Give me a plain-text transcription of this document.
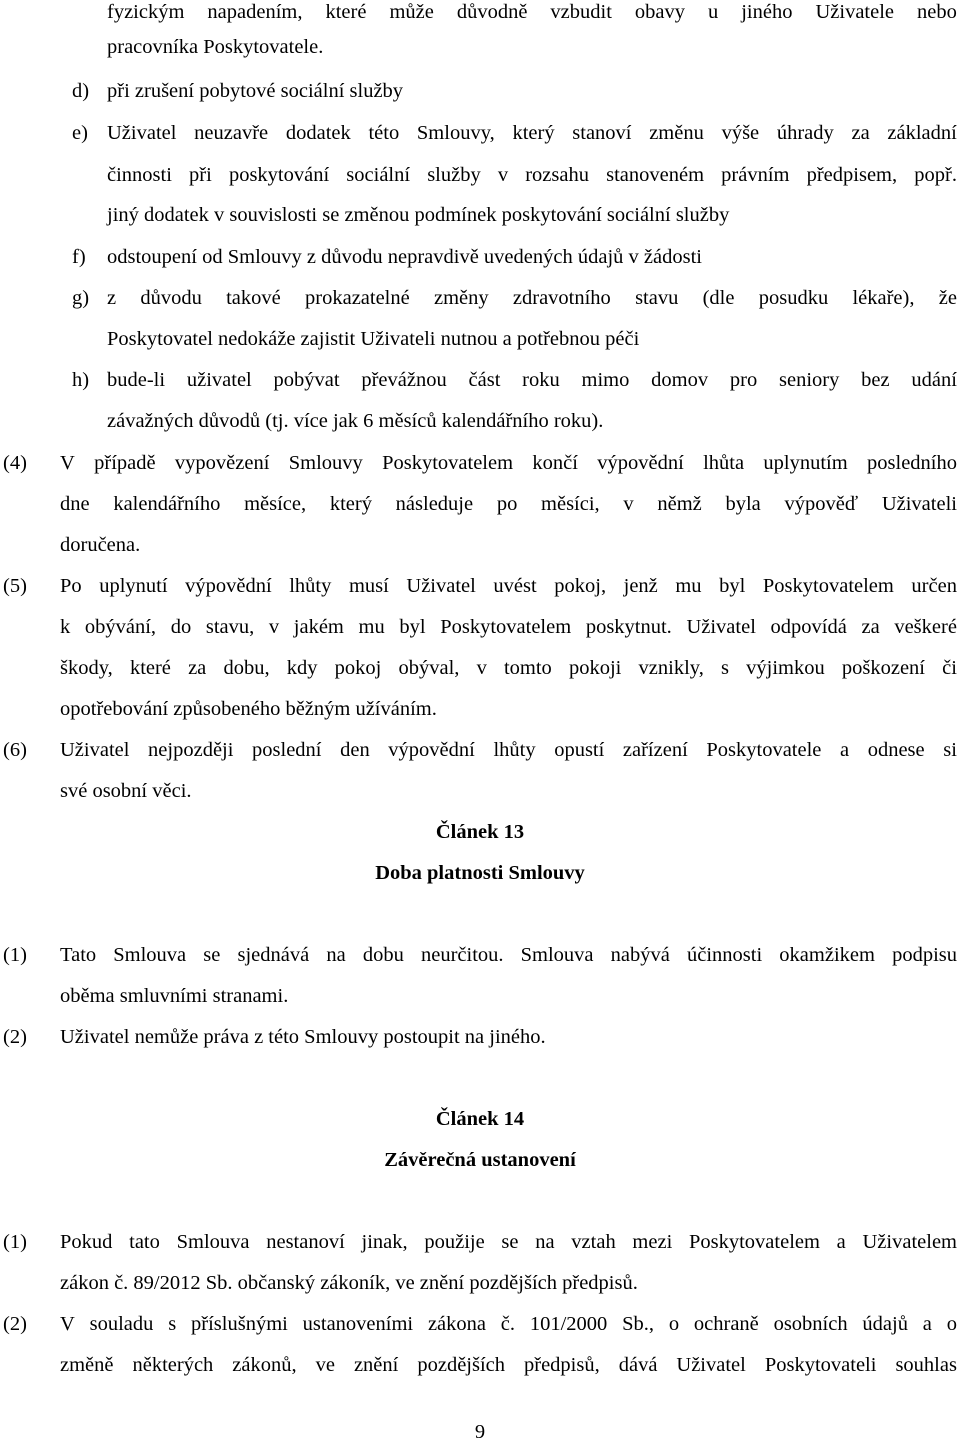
fyzickým napadením, které může důvodně vzbudit obavy u jiného Uživatele nebo
pracovníka Poskytovatele.
d) při zrušení pobytové sociální služby
e) Uživatel neuzavře dodatek této Smlouvy, který stanoví změnu výše úhrady za základní
činnosti při poskytování sociální služby v rozsahu stanoveném právním předpisem, popř.
jiný dodatek v souvislosti se změnou podmínek poskytování sociální služby
f) odstoupení od Smlouvy z důvodu nepravdivě uvedených údajů v žádosti
g) z důvodu takové prokazatelné změny zdravotního stavu (dle posudku lékaře), že
Poskytovatel nedokáže zajistit Uživateli nutnou a potřebnou péči
h) bude-li uživatel pobývat převážnou část roku mimo domov pro seniory bez udání
závažných důvodů (tj. více jak 6 měsíců kalendářního roku).
(4) V případě vypovězení Smlouvy Poskytovatelem končí výpovědní lhůta uplynutím posledního
dne kalendářního měsíce, který následuje po měsíci, v němž byla výpověď Uživateli
doručena.
(5) Po uplynutí výpovědní lhůty musí Uživatel uvést pokoj, jenž mu byl Poskytovatelem určen
k obývání, do stavu, v jakém mu byl Poskytovatelem poskytnut. Uživatel odpovídá za veškeré
škody, které za dobu, kdy pokoj obýval, v tomto pokoji vznikly, s výjimkou poškození či
opotřebování způsobeného běžným užíváním.
(6) Uživatel nejpozději poslední den výpovědní lhůty opustí zařízení Poskytovatele a odnese si
své osobní věci.
Článek 13
Doba platnosti Smlouvy
(1) Tato Smlouva se sjednává na dobu neurčitou. Smlouva nabývá účinnosti okamžikem podpisu
oběma smluvními stranami.
(2) Uživatel nemůže práva z této Smlouvy postoupit na jiného.
Článek 14
Závěrečná ustanovení
(1) Pokud tato Smlouva nestanoví jinak, použije se na vztah mezi Poskytovatelem a Uživatelem
zákon č. 89/2012 Sb. občanský zákoník, ve znění pozdějších předpisů.
(2) V souladu s příslušnými ustanoveními zákona č. 101/2000 Sb., o ochraně osobních údajů a o
změně některých zákonů, ve znění pozdějších předpisů, dává Uživatel Poskytovateli souhlas
9
